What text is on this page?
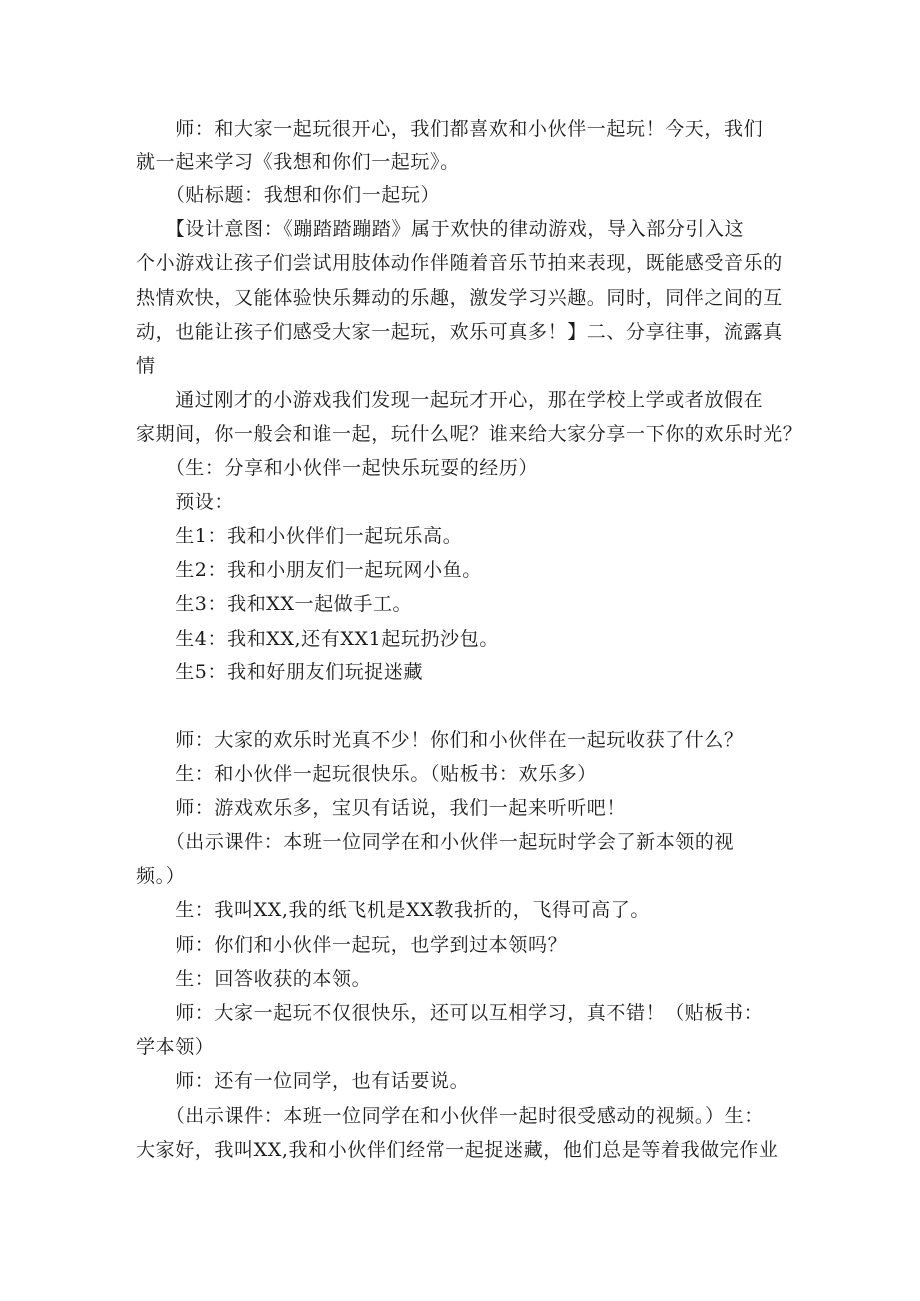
　　师：和大家一起玩很开心，我们都喜欢和小伙伴一起玩！今天，我们
就一起来学习《我想和你们一起玩》。
　　（贴标题：我想和你们一起玩）
　　【设计意图：《蹦踏踏蹦踏》属于欢快的律动游戏，导入部分引入这
个小游戏让孩子们尝试用肢体动作伴随着音乐节拍来表现，既能感受音乐的
热情欢快，又能体验快乐舞动的乐趣，激发学习兴趣。同时，同伴之间的互
动，也能让孩子们感受大家一起玩，欢乐可真多！】二、分享往事，流露真
情
　　通过刚才的小游戏我们发现一起玩才开心，那在学校上学或者放假在
家期间，你一般会和谁一起，玩什么呢？谁来给大家分享一下你的欢乐时光？
　　（生：分享和小伙伴一起快乐玩耍的经历）
　　预设：
　　生1：我和小伙伴们一起玩乐高。
　　生2：我和小朋友们一起玩网小鱼。
　　生3：我和XX一起做手工。
　　生4：我和XX,还有XX1起玩扔沙包。
　　生5：我和好朋友们玩捉迷藏
　　师：大家的欢乐时光真不少！你们和小伙伴在一起玩收获了什么？
　　生：和小伙伴一起玩很快乐。（贴板书：欢乐多）
　　师：游戏欢乐多，宝贝有话说，我们一起来听听吧！
　　（出示课件：本班一位同学在和小伙伴一起玩时学会了新本领的视
频。）
　　生：我叫XX,我的纸飞机是XX教我折的，飞得可高了。
　　师：你们和小伙伴一起玩，也学到过本领吗？
　　生：回答收获的本领。
　　师：大家一起玩不仅很快乐，还可以互相学习，真不错！（贴板书：
学本领）
　　师：还有一位同学，也有话要说。
　　（出示课件：本班一位同学在和小伙伴一起时很受感动的视频。）生：
大家好，我叫XX,我和小伙伴们经常一起捉迷藏，他们总是等着我做完作业
